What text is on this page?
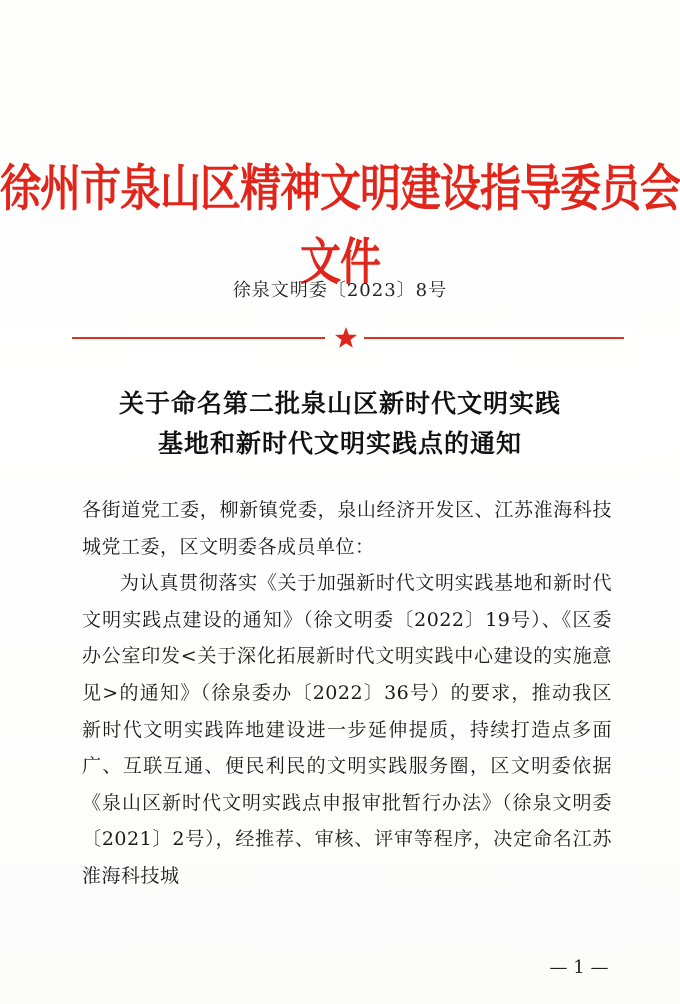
徐州市泉山区精神文明建设指导委员会文件
徐泉文明委〔2023〕8号
关于命名第二批泉山区新时代文明实践
基地和新时代文明实践点的通知

各街道党工委，柳新镇党委，泉山经济开发区、江苏淮海科技城党工委，区文明委各成员单位：

为认真贯彻落实《关于加强新时代文明实践基地和新时代文明实践点建设的通知》（徐文明委〔2022〕19号）、《区委办公室印发<关于深化拓展新时代文明实践中心建设的实施意见>的通知》（徐泉委办〔2022〕36号）的要求，推动我区新时代文明实践阵地建设进一步延伸提质，持续打造点多面广、互联互通、便民利民的文明实践服务圈，区文明委依据《泉山区新时代文明实践点申报审批暂行办法》（徐泉文明委〔2021〕2号），经推荐、审核、评审等程序，决定命名江苏淮海科技城

— 1 —
